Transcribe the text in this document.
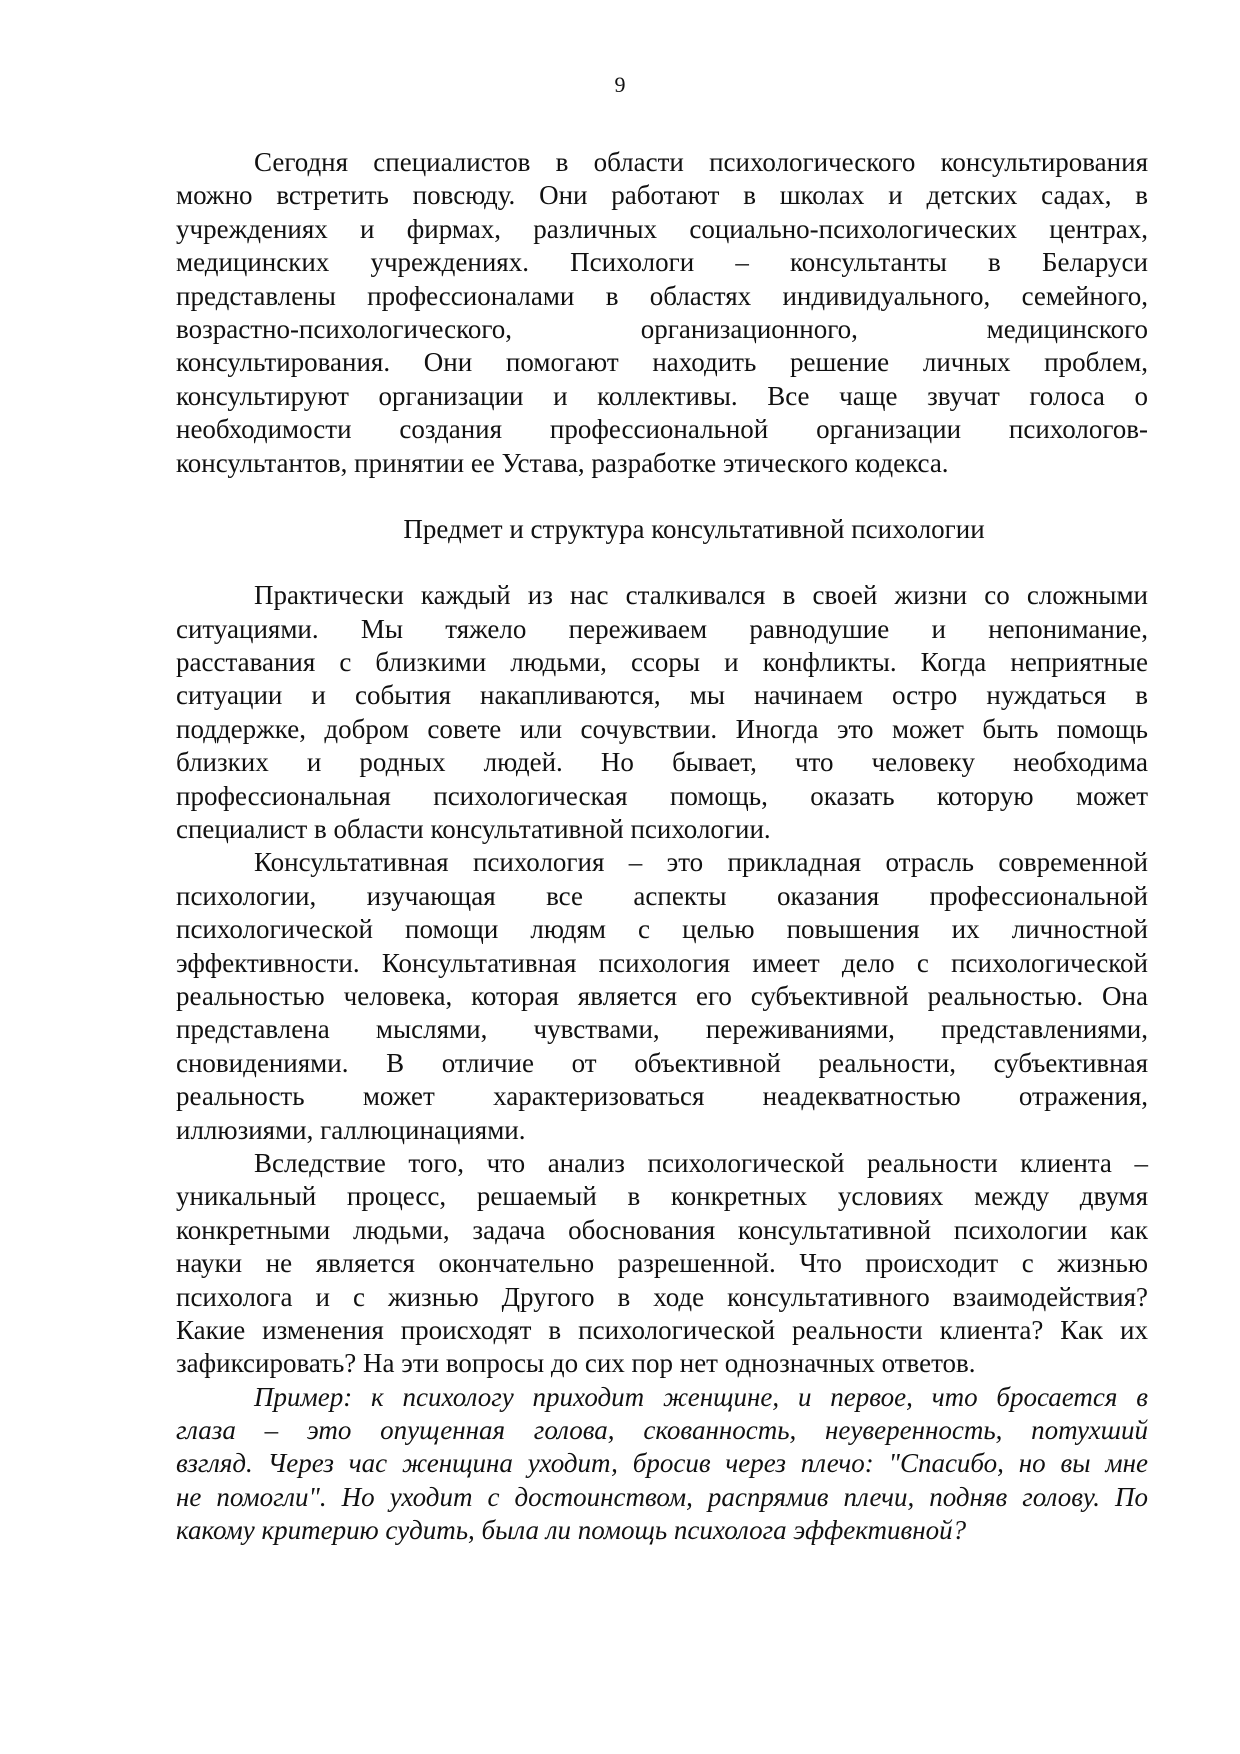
9
Сегодня специалистов в области психологического консультирования
можно встретить повсюду. Они работают в школах и детских садах, в
учреждениях и фирмах, различных социально-психологических центрах,
медицинских учреждениях. Психологи – консультанты в Беларуси
представлены профессионалами в областях индивидуального, семейного,
возрастно-психологического, организационного, медицинского
консультирования. Они помогают находить решение личных проблем,
консультируют организации и коллективы. Все чаще звучат голоса о
необходимости создания профессиональной организации психологов-
консультантов, принятии ее Устава, разработке этического кодекса.
Предмет и структура консультативной психологии
Практически каждый из нас сталкивался в своей жизни со сложными
ситуациями. Мы тяжело переживаем равнодушие и непонимание,
расставания с близкими людьми, ссоры и конфликты. Когда неприятные
ситуации и события накапливаются, мы начинаем остро нуждаться в
поддержке, добром совете или сочувствии. Иногда это может быть помощь
близких и родных людей. Но бывает, что человеку необходима
профессиональная психологическая помощь, оказать которую может
специалист в области консультативной психологии.
Консультативная психология – это прикладная отрасль современной
психологии, изучающая все аспекты оказания профессиональной
психологической помощи людям с целью повышения их личностной
эффективности. Консультативная психология имеет дело с психологической
реальностью человека, которая является его субъективной реальностью. Она
представлена мыслями, чувствами, переживаниями, представлениями,
сновидениями. В отличие от объективной реальности, субъективная
реальность может характеризоваться неадекватностью отражения,
иллюзиями, галлюцинациями.
Вследствие того, что анализ психологической реальности клиента –
уникальный процесс, решаемый в конкретных условиях между двумя
конкретными людьми, задача обоснования консультативной психологии как
науки не является окончательно разрешенной. Что происходит с жизнью
психолога и с жизнью Другого в ходе консультативного взаимодействия?
Какие изменения происходят в психологической реальности клиента? Как их
зафиксировать? На эти вопросы до сих пор нет однозначных ответов.
Пример: к психологу приходит женщине, и первое, что бросается в
глаза – это опущенная голова, скованность, неуверенность, потухший
взгляд. Через час женщина уходит, бросив через плечо: "Спасибо, но вы мне
не помогли". Но уходит с достоинством, распрямив плечи, подняв голову. По
какому критерию судить, была ли помощь психолога эффективной?
